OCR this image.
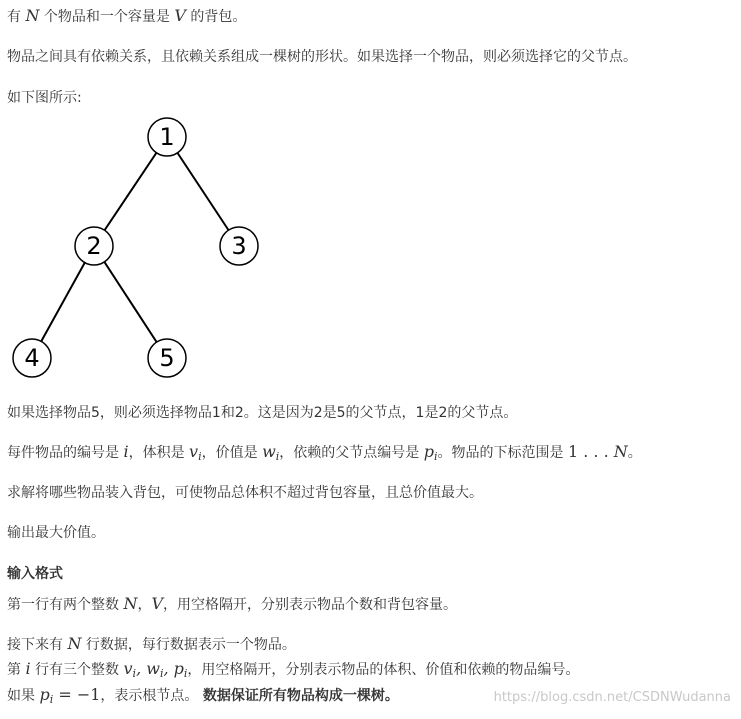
有 N 个物品和一个容量是 V 的背包。
物品之间具有依赖关系，且依赖关系组成一棵树的形状。如果选择一个物品，则必须选择它的父节点。
如下图所示:
1
2	3
4	5
如果选择物品5，则必须选择物品1和2。这是因为2是5的父节点，1是2的父节点。
每件物品的编号是 i，体积是 $v_i$，价值是 $w_i$，依赖的父节点编号是 $p_i$。物品的下标范围是 1 . . . N。
求解将哪些物品装入背包，可使物品总体积不超过背包容量，且总价值最大。
输出最大价值。
输入格式
第一行有两个整数 N，V，用空格隔开，分别表示物品个数和背包容量。
接下来有 N 行数据，每行数据表示一个物品。
第 i 行有三个整数 $v_i$, $w_i$, $p_i$，用空格隔开，分别表示物品的体积、价值和依赖的物品编号。
如果 $p_i = -1$，表示根节点。 数据保证所有物品构成一棵树。	https://blog.csdn.net/CSDNWudanna
